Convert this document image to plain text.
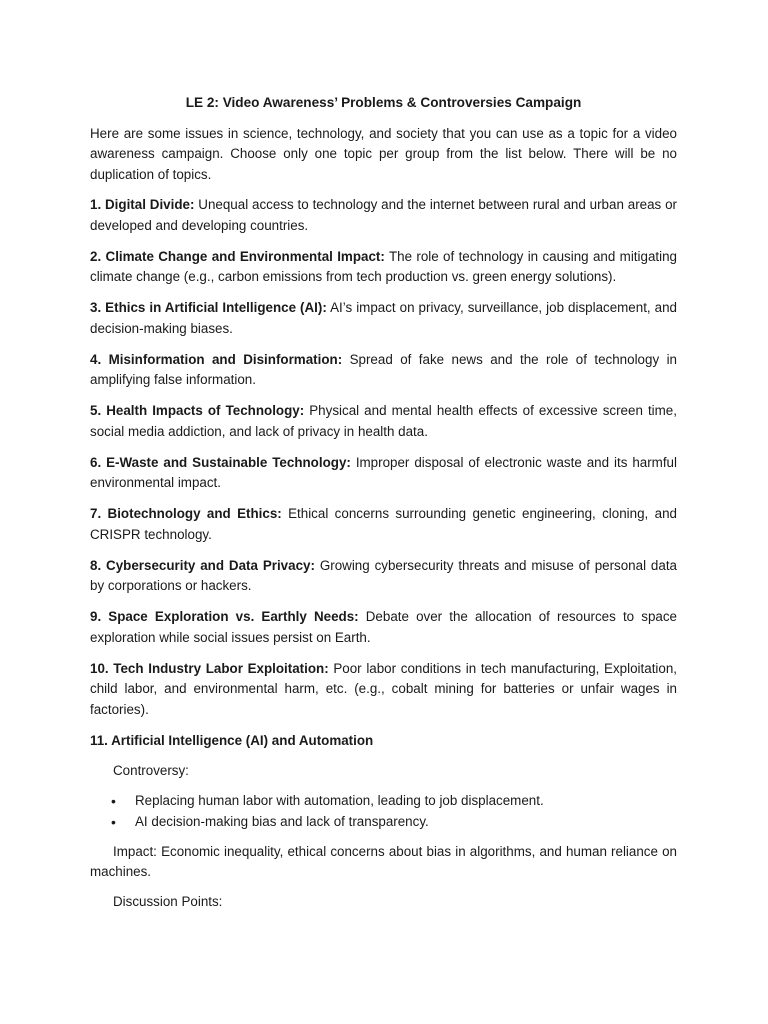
LE 2: Video Awareness’ Problems & Controversies Campaign

Here are some issues in science, technology, and society that you can use as a topic for a video awareness campaign. Choose only one topic per group from the list below. There will be no duplication of topics.

1. Digital Divide: Unequal access to technology and the internet between rural and urban areas or developed and developing countries.

2. Climate Change and Environmental Impact: The role of technology in causing and mitigating climate change (e.g., carbon emissions from tech production vs. green energy solutions).

3. Ethics in Artificial Intelligence (AI): AI’s impact on privacy, surveillance, job displacement, and decision-making biases.

4. Misinformation and Disinformation: Spread of fake news and the role of technology in amplifying false information.

5. Health Impacts of Technology: Physical and mental health effects of excessive screen time, social media addiction, and lack of privacy in health data.

6. E-Waste and Sustainable Technology: Improper disposal of electronic waste and its harmful environmental impact.

7. Biotechnology and Ethics: Ethical concerns surrounding genetic engineering, cloning, and CRISPR technology.

8. Cybersecurity and Data Privacy: Growing cybersecurity threats and misuse of personal data by corporations or hackers.

9. Space Exploration vs. Earthly Needs: Debate over the allocation of resources to space exploration while social issues persist on Earth.

10. Tech Industry Labor Exploitation: Poor labor conditions in tech manufacturing, Exploitation, child labor, and environmental harm, etc. (e.g., cobalt mining for batteries or unfair wages in factories).

11. Artificial Intelligence (AI) and Automation
Controversy:
• Replacing human labor with automation, leading to job displacement.
• AI decision-making bias and lack of transparency.

Impact: Economic inequality, ethical concerns about bias in algorithms, and human reliance on machines.

Discussion Points:
